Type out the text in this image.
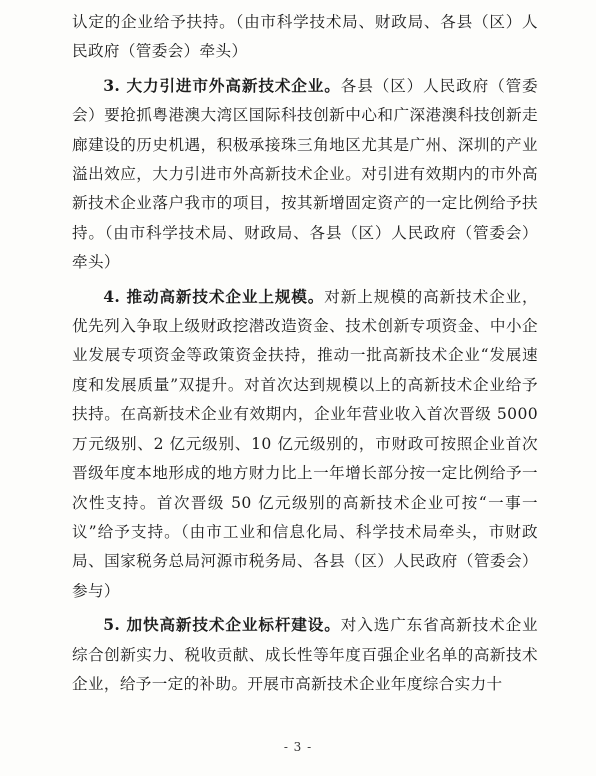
认定的企业给予扶持。（由市科学技术局、财政局、各县（区）人民政府（管委会）牵头）

3. 大力引进市外高新技术企业。各县（区）人民政府（管委会）要抢抓粤港澳大湾区国际科技创新中心和广深港澳科技创新走廊建设的历史机遇，积极承接珠三角地区尤其是广州、深圳的产业溢出效应，大力引进市外高新技术企业。对引进有效期内的市外高新技术企业落户我市的项目，按其新增固定资产的一定比例给予扶持。（由市科学技术局、财政局、各县（区）人民政府（管委会）牵头）

4. 推动高新技术企业上规模。对新上规模的高新技术企业，优先列入争取上级财政挖潜改造资金、技术创新专项资金、中小企业发展专项资金等政策资金扶持，推动一批高新技术企业“发展速度和发展质量”双提升。对首次达到规模以上的高新技术企业给予扶持。在高新技术企业有效期内，企业年营业收入首次晋级 5000 万元级别、2 亿元级别、10 亿元级别的，市财政可按照企业首次晋级年度本地形成的地方财力比上一年增长部分按一定比例给予一次性支持。首次晋级 50 亿元级别的高新技术企业可按“一事一议”给予支持。（由市工业和信息化局、科学技术局牵头，市财政局、国家税务总局河源市税务局、各县（区）人民政府（管委会）参与）

5. 加快高新技术企业标杆建设。对入选广东省高新技术企业综合创新实力、税收贡献、成长性等年度百强企业名单的高新技术企业，给予一定的补助。开展市高新技术企业年度综合实力十

- 3 -
